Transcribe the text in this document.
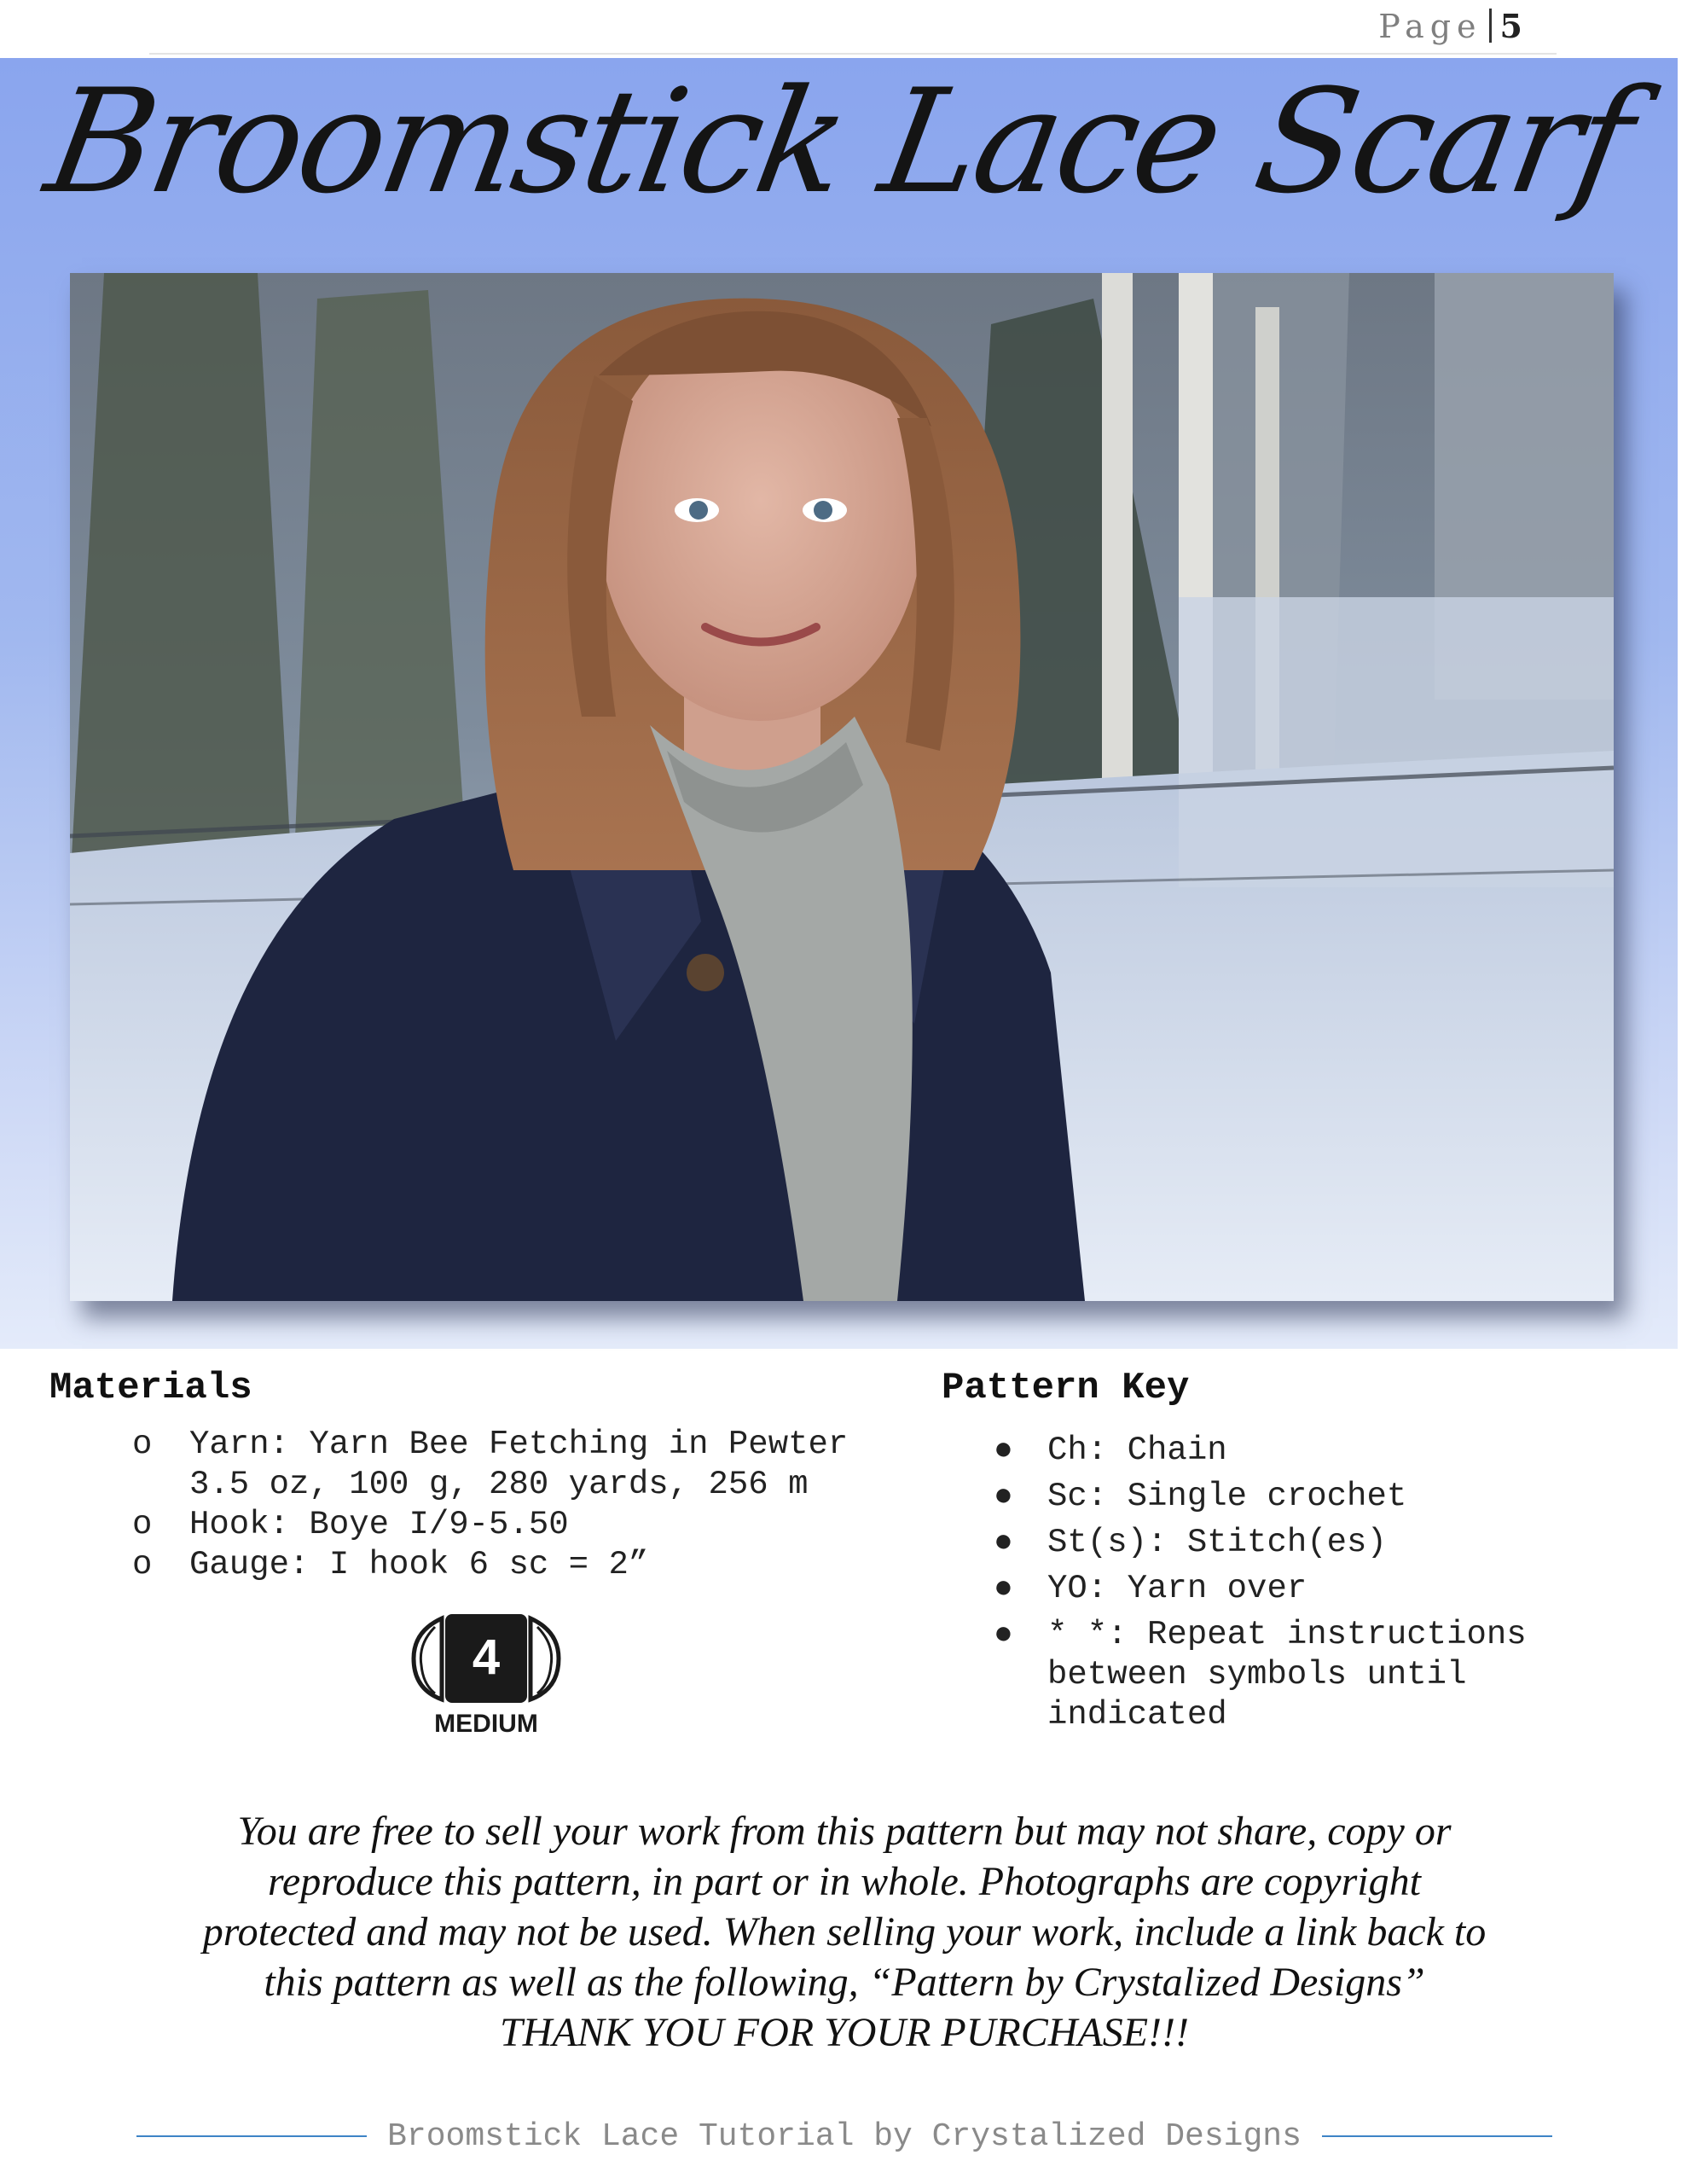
Page 5
Broomstick Lace Scarf
Materials
o Yarn: Yarn Bee Fetching in Pewter 3.5 oz, 100 g, 280 yards, 256 m
o Hook: Boye I/9-5.50
o Gauge: I hook 6 sc = 2”
4
MEDIUM
Pattern Key
● Ch: Chain
● Sc: Single crochet
● St(s): Stitch(es)
● YO: Yarn over
● * *: Repeat instructions between symbols until indicated
You are free to sell your work from this pattern but may not share, copy or
reproduce this pattern, in part or in whole. Photographs are copyright
protected and may not be used. When selling your work, include a link back to
this pattern as well as the following, “Pattern by Crystalized Designs”
THANK YOU FOR YOUR PURCHASE!!!
Broomstick Lace Tutorial by Crystalized Designs
